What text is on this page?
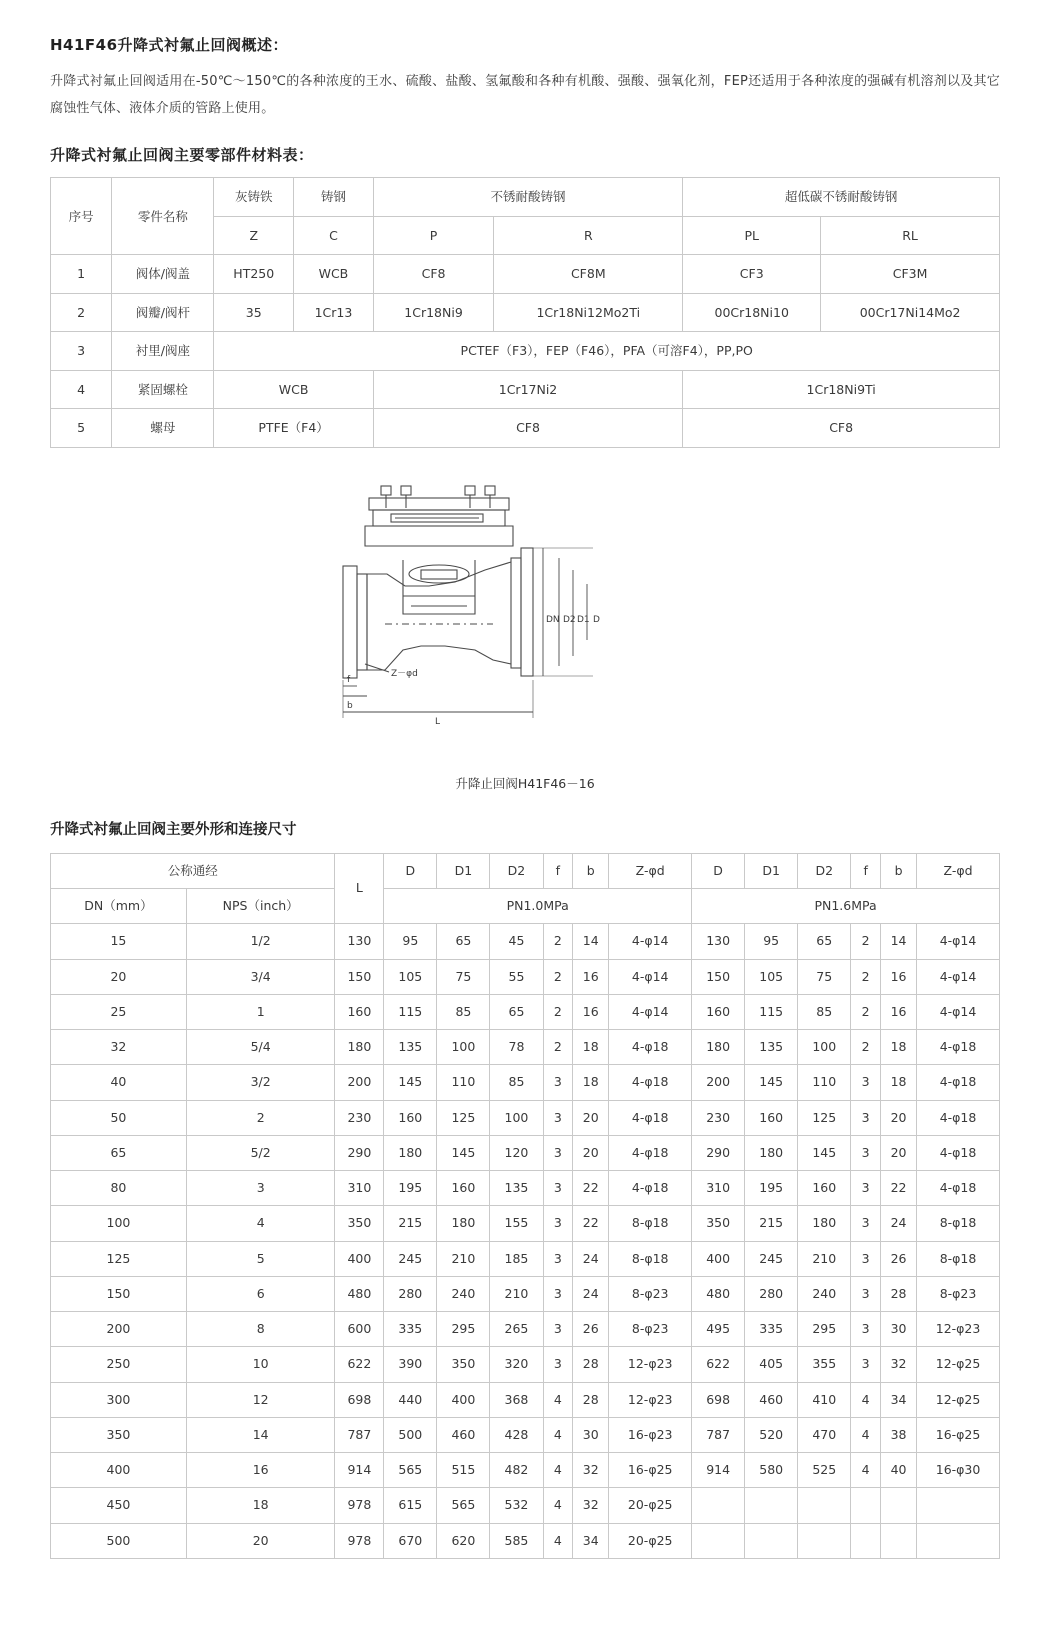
H41F46升降式衬氟止回阀概述：

升降式衬氟止回阀适用在-50℃～150℃的各种浓度的王水、硫酸、盐酸、氢氟酸和各种有机酸、强酸、强氧化剂，FEP还适用于各种浓度的强碱有机溶剂以及其它腐蚀性气体、液体介质的管路上使用。

升降式衬氟止回阀主要零部件材料表：
序号	零件名称	灰铸铁	铸钢	不锈耐酸铸钢		超低碳不锈耐酸铸钢	
		Z	C	P	R	PL	RL
1	阀体/阀盖	HT250	WCB	CF8	CF8M	CF3	CF3M
2	阀瓣/阀杆	35	1Cr13	1Cr18Ni9	1Cr18Ni12Mo2Ti	00Cr18Ni10	00Cr17Ni14Mo2
3	衬里/阀座	PCTEF（F3），FEP（F46），PFA（可溶F4），PP,PO					
4	紧固螺栓	WCB		1Cr17Ni2		1Cr18Ni9Ti	
5	螺母	PTFE（F4）		CF8		CF8	
D
D1
D2
DN
Z－φd
f
b
L
升降止回阀H41F46－16
升降式衬氟止回阀主要外形和连接尺寸
公称通经		L	D	D1	D2	f	b	Z-φd	D	D1	D2	f	b	Z-φd
DN（mm）	NPS（inch）		PN1.0MPa						PN1.6MPa					
15	1/2	130	95	65	45	2	14	4-φ14	130	95	65	2	14	4-φ14
20	3/4	150	105	75	55	2	16	4-φ14	150	105	75	2	16	4-φ14
25	1	160	115	85	65	2	16	4-φ14	160	115	85	2	16	4-φ14
32	5/4	180	135	100	78	2	18	4-φ18	180	135	100	2	18	4-φ18
40	3/2	200	145	110	85	3	18	4-φ18	200	145	110	3	18	4-φ18
50	2	230	160	125	100	3	20	4-φ18	230	160	125	3	20	4-φ18
65	5/2	290	180	145	120	3	20	4-φ18	290	180	145	3	20	4-φ18
80	3	310	195	160	135	3	22	4-φ18	310	195	160	3	22	4-φ18
100	4	350	215	180	155	3	22	8-φ18	350	215	180	3	24	8-φ18
125	5	400	245	210	185	3	24	8-φ18	400	245	210	3	26	8-φ18
150	6	480	280	240	210	3	24	8-φ23	480	280	240	3	28	8-φ23
200	8	600	335	295	265	3	26	8-φ23	495	335	295	3	30	12-φ23
250	10	622	390	350	320	3	28	12-φ23	622	405	355	3	32	12-φ25
300	12	698	440	400	368	4	28	12-φ23	698	460	410	4	34	12-φ25
350	14	787	500	460	428	4	30	16-φ23	787	520	470	4	38	16-φ25
400	16	914	565	515	482	4	32	16-φ25	914	580	525	4	40	16-φ30
450	18	978	615	565	532	4	32	20-φ25						
500	20	978	670	620	585	4	34	20-φ25						
